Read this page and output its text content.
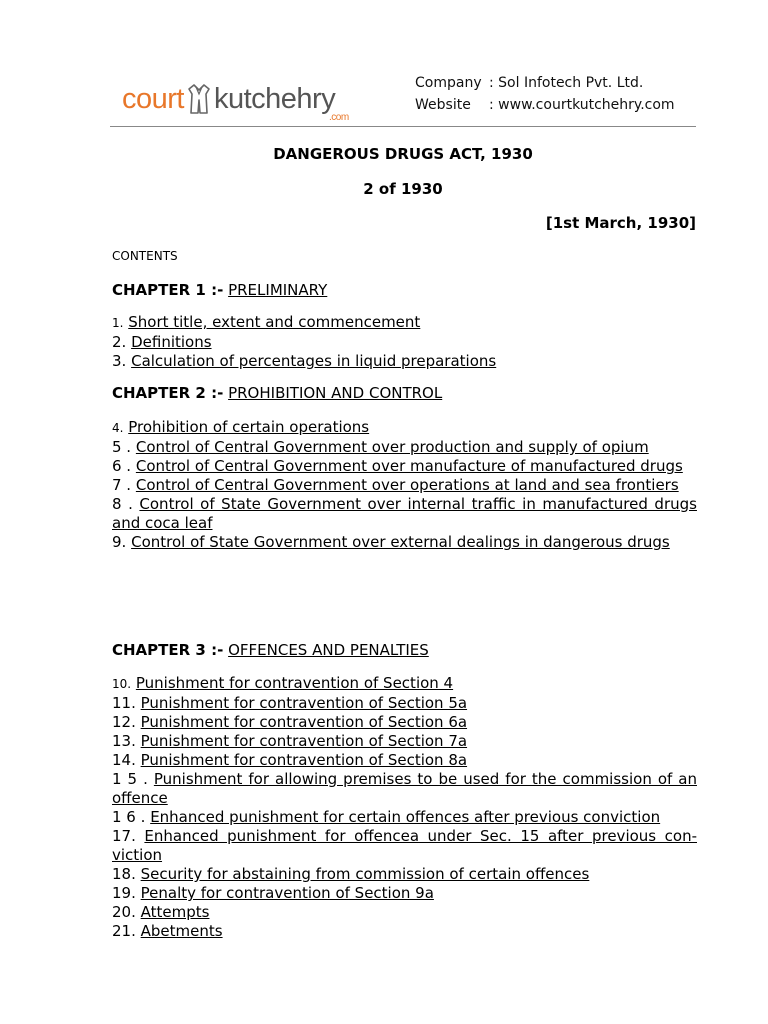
court kutchehry
.com
Company : Sol Infotech Pvt. Ltd.
Website	: www.courtkutchehry.com
DANGEROUS DRUGS ACT, 1930
2 of 1930
[1st March, 1930]
CONTENTS
CHAPTER 1 :- PRELIMINARY
1. Short title, extent and commencement
2. Definitions
3. Calculation of percentages in liquid preparations
CHAPTER 2 :- PROHIBITION AND CONTROL
4. Prohibition of certain operations
5 . Control of Central Government over production and supply of opium
6 . Control of Central Government over manufacture of manufactured drugs
7 . Control of Central Government over operations at land and sea frontiers
8 . Control of State Government over internal traffic in manufactured drugs and coca leaf
9. Control of State Government over external dealings in dangerous drugs
CHAPTER 3 :- OFFENCES AND PENALTIES
10. Punishment for contravention of Section 4
11. Punishment for contravention of Section 5a
12. Punishment for contravention of Section 6a
13. Punishment for contravention of Section 7a
14. Punishment for contravention of Section 8a
1 5 . Punishment for allowing premises to be used for the commission of an offence
1 6 . Enhanced punishment for certain offences after previous conviction
17. Enhanced punishment for offencea under Sec. 15 after previous con- viction
18. Security for abstaining from commission of certain offences
19. Penalty for contravention of Section 9a
20. Attempts
21. Abetments
